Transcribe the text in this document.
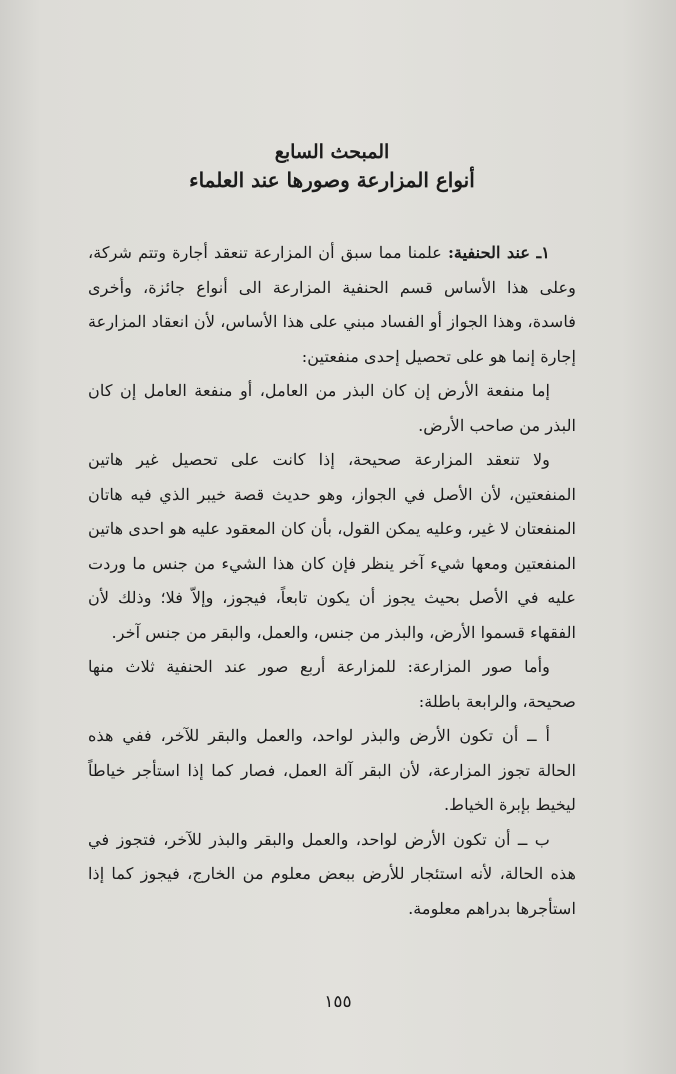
المبحث السابع
أنواع المزارعة وصورها عند العلماء

١ـ عند الحنفية: علمنا مما سبق أن المزارعة تنعقد أجارة وتتم شركة، وعلى هذا الأساس قسم الحنفية المزارعة الى أنواع جائزة، وأخرى فاسدة، وهذا الجواز أو الفساد مبني على هذا الأساس، لأن انعقاد المزارعة إجارة إنما هو على تحصيل إحدى منفعتين:

إما منفعة الأرض إن كان البذر من العامل، أو منفعة العامل إن كان البذر من صاحب الأرض.

ولا تنعقد المزارعة صحيحة، إذا كانت على تحصيل غير هاتين المنفعتين، لأن الأصل في الجواز، وهو حديث قصة خيبر الذي فيه هاتان المنفعتان لا غير، وعليه يمكن القول، بأن كان المعقود عليه هو احدى هاتين المنفعتين ومعها شيء آخر ينظر فإن كان هذا الشيء من جنس ما وردت عليه في الأصل بحيث يجوز أن يكون تابعاً، فيجوز، وإلاّ فلا؛ وذلك لأن الفقهاء قسموا الأرض، والبذر من جنس، والعمل، والبقر من جنس آخر.

وأما صور المزارعة: للمزارعة أربع صور عند الحنفية ثلاث منها صحيحة، والرابعة باطلة:

أ ــ أن تكون الأرض والبذر لواحد، والعمل والبقر للآخر، ففي هذه الحالة تجوز المزارعة، لأن البقر آلة العمل، فصار كما إذا استأجر خياطاً ليخيط بإبرة الخياط.

ب ــ أن تكون الأرض لواحد، والعمل والبقر والبذر للآخر، فتجوز في هذه الحالة، لأنه استئجار للأرض ببعض معلوم من الخارج، فيجوز كما إذا استأجرها بدراهم معلومة.

١٥٥
